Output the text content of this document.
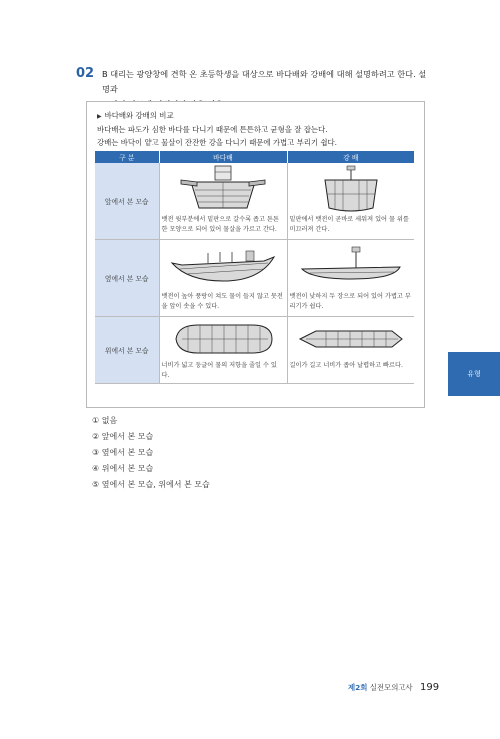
02 B 대리는 광양창에 견학 온 초등학생을 대상으로 바다배와 강배에 대해 설명하려고 한다. 설명과
▶ 바다배와 강배의 비교
바다배는 파도가 심한 바다를 다니기 때문에 튼튼하고 균형을 잘 잡는다.
강배는 바닥이 얕고 물살이 잔잔한 강을 다니기 때문에 가볍고 부리기 쉽다.
구 분	바다배	강 배
앞에서 본 모습	뱃전 윗부분에서 밑판으로 갈수록 좁고 튼튼한 모양으로 되어 있어 물살을 가르고 간다.	밑판에서 뱃전이 곧바로 세워져 있어 물 위를 미끄러져 간다.

옆에서 본 모습	뱃전이 높아 풍랑이 쳐도 물이 들지 않고 뭇전을 앞이 솟을 수 있다.	뱃전이 낮하지 두 장으로 되어 있어 가볍고 부리기가 쉽다.

위에서 본 모습	너비가 넓고 둥글어 물의 저항을 줄일 수 있다.	길이가 길고 너비가 좁아 날렵하고 빠르다.
① 없음
② 앞에서 본 모습
③ 옆에서 본 모습
④ 위에서 본 모습
⑤ 옆에서 본 모습, 위에서 본 모습
유형
제2회 실전모의고사 199
